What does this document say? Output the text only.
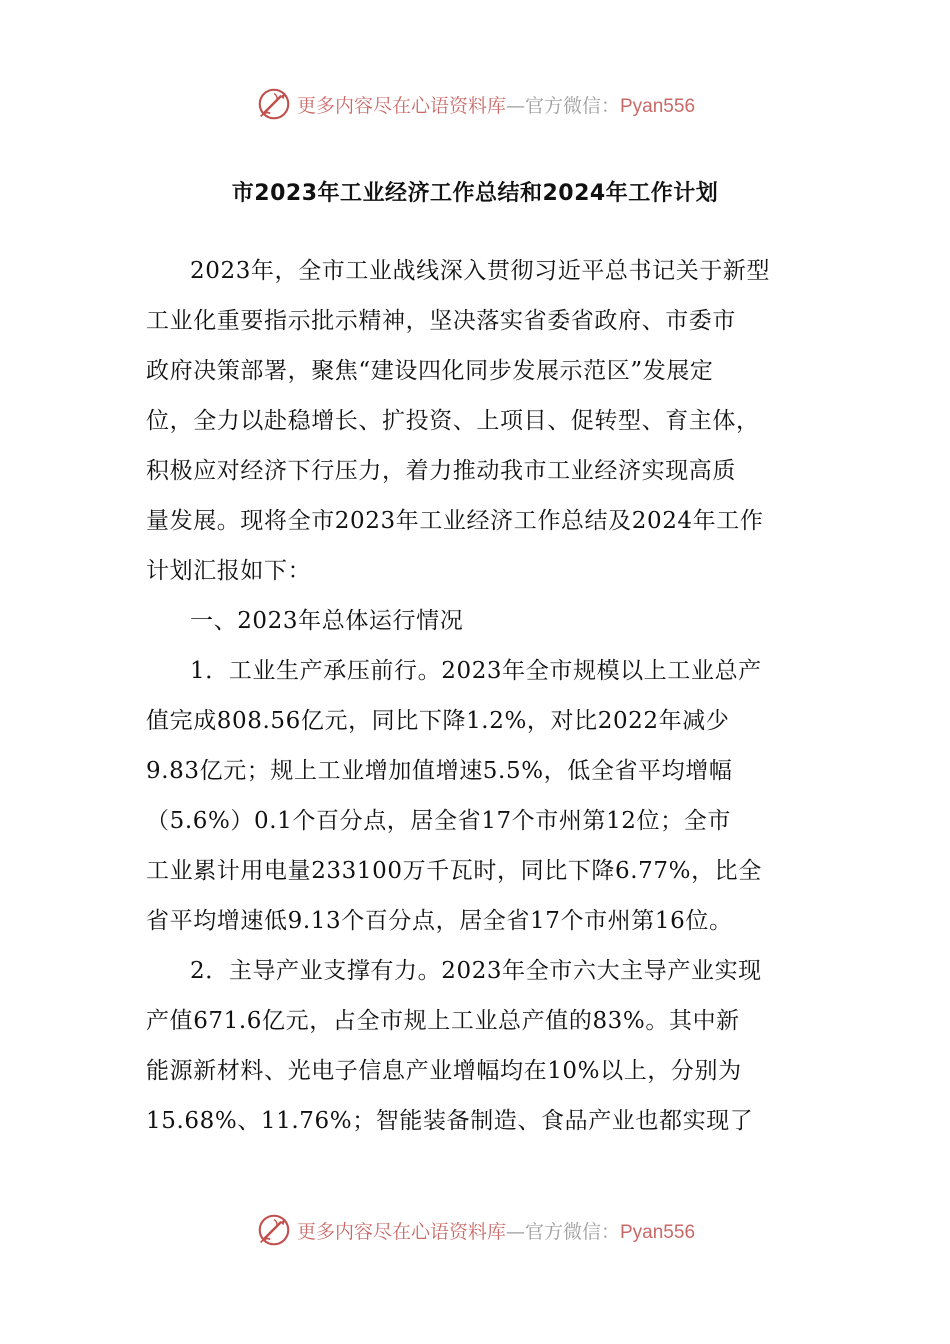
更多内容尽在心语资料库—官方微信：Pyan556
市2023年工业经济工作总结和2024年工作计划
2023年，全市工业战线深入贯彻习近平总书记关于新型
工业化重要指示批示精神，坚决落实省委省政府、市委市
政府决策部署，聚焦“建设四化同步发展示范区”发展定
位，全力以赴稳增长、扩投资、上项目、促转型、育主体，
积极应对经济下行压力，着力推动我市工业经济实现高质
量发展。现将全市2023年工业经济工作总结及2024年工作
计划汇报如下：
一、2023年总体运行情况
1．工业生产承压前行。2023年全市规模以上工业总产
值完成808.56亿元，同比下降1.2%，对比2022年减少
9.83亿元；规上工业增加值增速5.5%，低全省平均增幅
（5.6%）0.1个百分点，居全省17个市州第12位；全市
工业累计用电量233100万千瓦时，同比下降6.77%，比全
省平均增速低9.13个百分点，居全省17个市州第16位。
2．主导产业支撑有力。2023年全市六大主导产业实现
产值671.6亿元，占全市规上工业总产值的83%。其中新
能源新材料、光电子信息产业增幅均在10%以上，分别为
15.68%、11.76%；智能装备制造、食品产业也都实现了
更多内容尽在心语资料库—官方微信：Pyan556
